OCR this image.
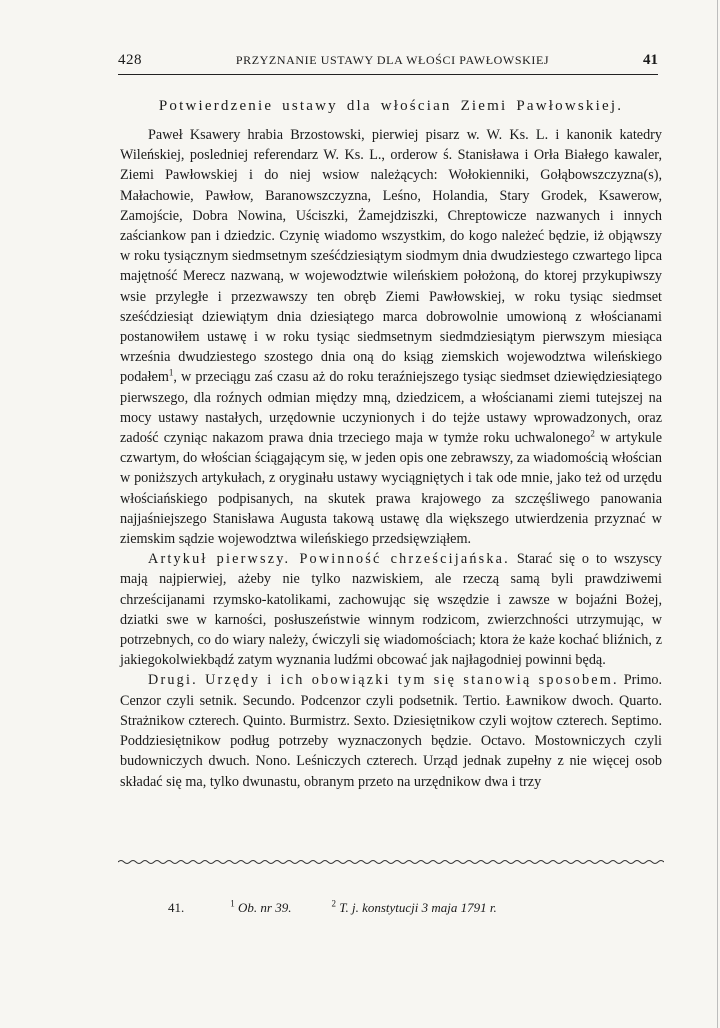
428	PRZYZNANIE USTAWY DLA WŁOŚCI PAWŁOWSKIEJ	41

Potwierdzenie ustawy dla włościan Ziemi Pawłowskiej.

Paweł Ksawery hrabia Brzostowski, pierwiej pisarz w. W. Ks. L. i kanonik katedry Wileńskiej, posledniej referendarz W. Ks. L., orderow ś. Stanisława i Orła Białego kawaler, Ziemi Pawłowskiej i do niej wsiow należących: Wołokienniki, Gołąbowszczyzna(s), Małachowie, Pawłow, Baranowszczyzna, Leśno, Holandia, Stary Grodek, Ksawerow, Zamojście, Dobra Nowina, Uściszki, Żamejdziszki, Chreptowicze nazwanych i innych zaściankow pan i dziedzic. Czynię wiadomo wszystkim, do kogo należeć będzie, iż objąwszy w roku tysiącznym siedmsetnym sześćdziesiątym siodmym dnia dwudziestego czwartego lipca majętność Merecz nazwaną, w wojewodztwie wileńskiem położoną, do ktorej przykupiwszy wsie przyległe i przezwawszy ten obręb Ziemi Pawłowskiej, w roku tysiąc siedmset sześćdziesiąt dziewiątym dnia dziesiątego marca dobrowolnie umowioną z włościanami postanowiłem ustawę i w roku tysiąc siedmsetnym siedmdziesiątym pierwszym miesiąca września dwudziestego szostego dnia oną do ksiąg ziemskich wojewodztwa wileńskiego podałem$^1$, w przeciągu zaś czasu aż do roku teraźniejszego tysiąc siedmset dziewiędziesiątego pierwszego, dla roźnych odmian między mną, dziedzicem, a włościanami ziemi tutejszej na mocy ustawy nastałych, urzędownie uczynionych i do tejże ustawy wprowadzonych, oraz zadość czyniąc nakazom prawa dnia trzeciego maja w tymże roku uchwalonego$^2$ w artykule czwartym, do włościan ściągającym się, w jeden opis one zebrawszy, za wiadomością włościan w poniższych artykułach, z oryginału ustawy wyciągniętych i tak ode mnie, jako też od urzędu włościańskiego podpisanych, na skutek prawa krajowego za szczęśliwego panowania najjaśniejszego Stanisława Augusta takową ustawę dla większego utwierdzenia przyznać w ziemskim sądzie wojewodztwa wileńskiego przedsięwziąłem.

Artykuł pierwszy. Powinność chrześcijańska. Starać się o to wszyscy mają najpierwiej, ażeby nie tylko nazwiskiem, ale rzeczą samą byli prawdziwemi chrześcijanami rzymsko-katolikami, zachowując się wszędzie i zawsze w bojaźni Bożej, dziatki swe w karności, posłuszeństwie winnym rodzicom, zwierzchności utrzymując, w potrzebnych, co do wiary należy, ćwiczyli się wiadomościach; ktora że każe kochać bliźnich, z jakiegokolwiekbądź zatym wyznania ludźmi obcować jak najłagodniej powinni będą.

Drugi. Urzędy i ich obowiązki tym się stanowią sposobem. Primo. Cenzor czyli setnik. Secundo. Podcenzor czyli podsetnik. Tertio. Ławnikow dwoch. Quarto. Strażnikow czterech. Quinto. Burmistrz. Sexto. Dziesiętnikow czyli wojtow czterech. Septimo. Poddziesiętnikow podług potrzeby wyznaczonych będzie. Octavo. Mostowniczych czyli budowniczych dwuch. Nono. Leśniczych czterech. Urząd jednak zupełny z nie więcej osob składać się ma, tylko dwunastu, obranym przeto na urzędnikow dwa i trzy

41.	$^1$ Ob. nr 39.	$^2$ T. j. konstytucji 3 maja 1791 r.
